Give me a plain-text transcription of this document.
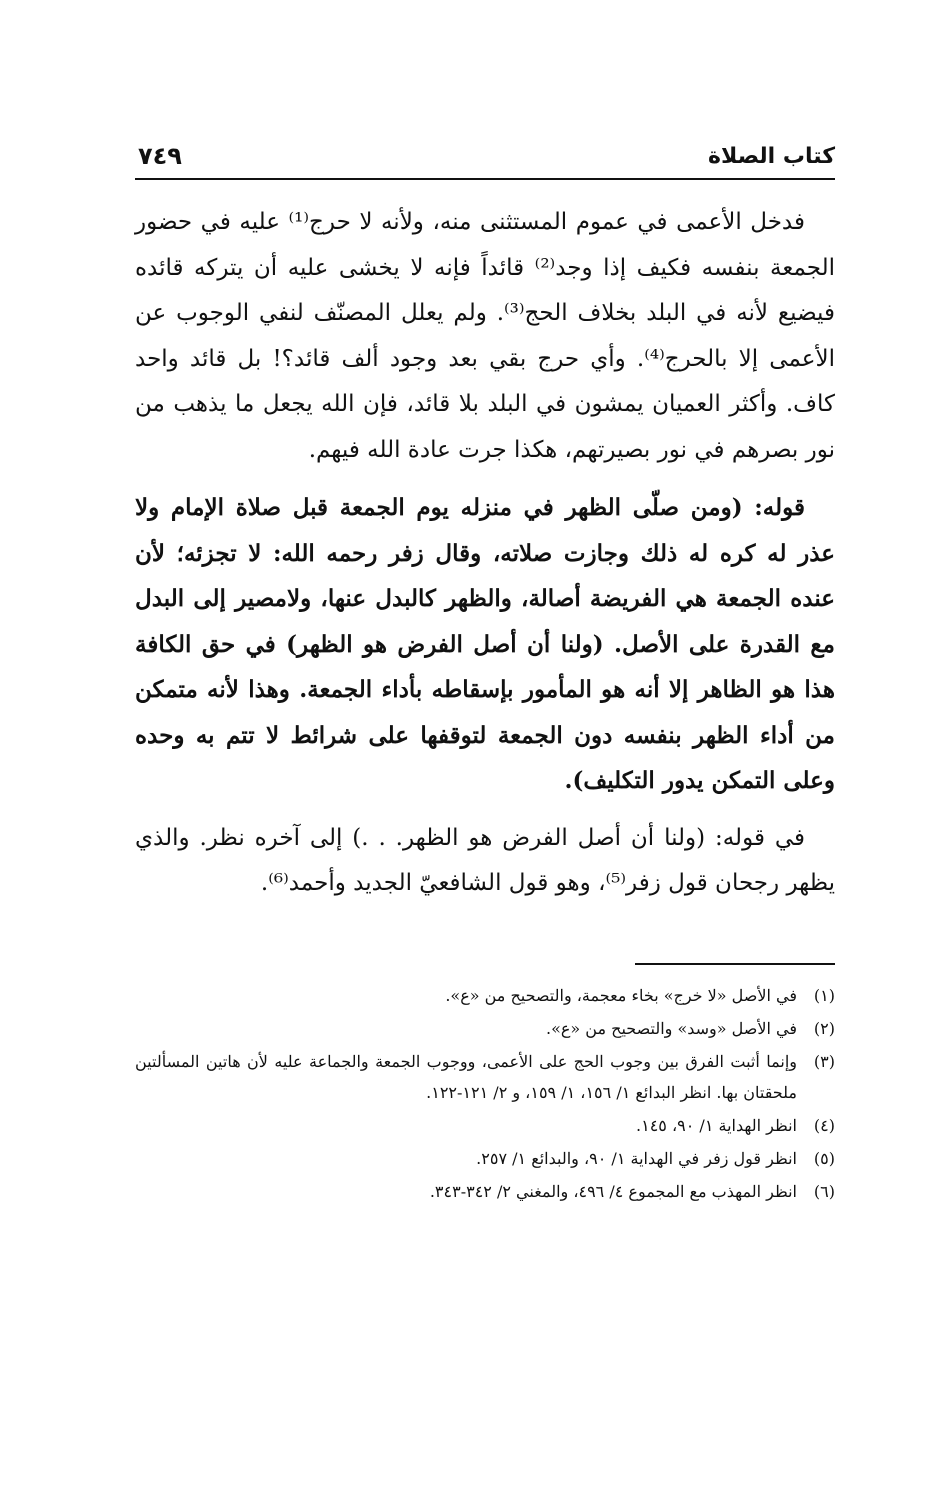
كتاب الصلاة
٧٤٩

فدخل الأعمى في عموم المستثنى منه، ولأنه لا حرج⁽¹⁾ عليه في حضور الجمعة بنفسه فكيف إذا وجد⁽²⁾ قائداً فإنه لا يخشى عليه أن يتركه قائده فيضيع لأنه في البلد بخلاف الحج⁽³⁾. ولم يعلل المصنّف لنفي الوجوب عن الأعمى إلا بالحرج⁽⁴⁾. وأي حرج بقي بعد وجود ألف قائد؟! بل قائد واحد كاف. وأكثر العميان يمشون في البلد بلا قائد، فإن الله يجعل ما يذهب من نور بصرهم في نور بصيرتهم، هكذا جرت عادة الله فيهم.

قوله: (ومن صلّى الظهر في منزله يوم الجمعة قبل صلاة الإمام ولا عذر له كره له ذلك وجازت صلاته، وقال زفر رحمه الله: لا تجزئه؛ لأن عنده الجمعة هي الفريضة أصالة، والظهر كالبدل عنها، ولامصير إلى البدل مع القدرة على الأصل. (ولنا أن أصل الفرض هو الظهر) في حق الكافة هذا هو الظاهر إلا أنه هو المأمور بإسقاطه بأداء الجمعة. وهذا لأنه متمكن من أداء الظهر بنفسه دون الجمعة لتوقفها على شرائط لا تتم به وحده وعلى التمكن يدور التكليف).

في قوله: (ولنا أن أصل الفرض هو الظهر. . .) إلى آخره نظر. والذي يظهر رجحان قول زفر⁽⁵⁾، وهو قول الشافعيّ الجديد وأحمد⁽⁶⁾.

(١)
في الأصل «لا خرج» بخاء معجمة، والتصحيح من «ع».
(٢)
في الأصل «وسد» والتصحيح من «ع».
(٣)
وإنما أثبت الفرق بين وجوب الحج على الأعمى، ووجوب الجمعة والجماعة عليه لأن هاتين المسألتين ملحقتان بها. انظر البدائع ١/ ١٥٦، ١/ ١٥٩، و ٢/ ١٢١-١٢٢.
(٤)
انظر الهداية ١/ ٩٠، ١٤٥.
(٥)
انظر قول زفر في الهداية ١/ ٩٠، والبدائع ١/ ٢٥٧.
(٦)
انظر المهذب مع المجموع ٤/ ٤٩٦، والمغني ٢/ ٣٤٢-٣٤٣.
